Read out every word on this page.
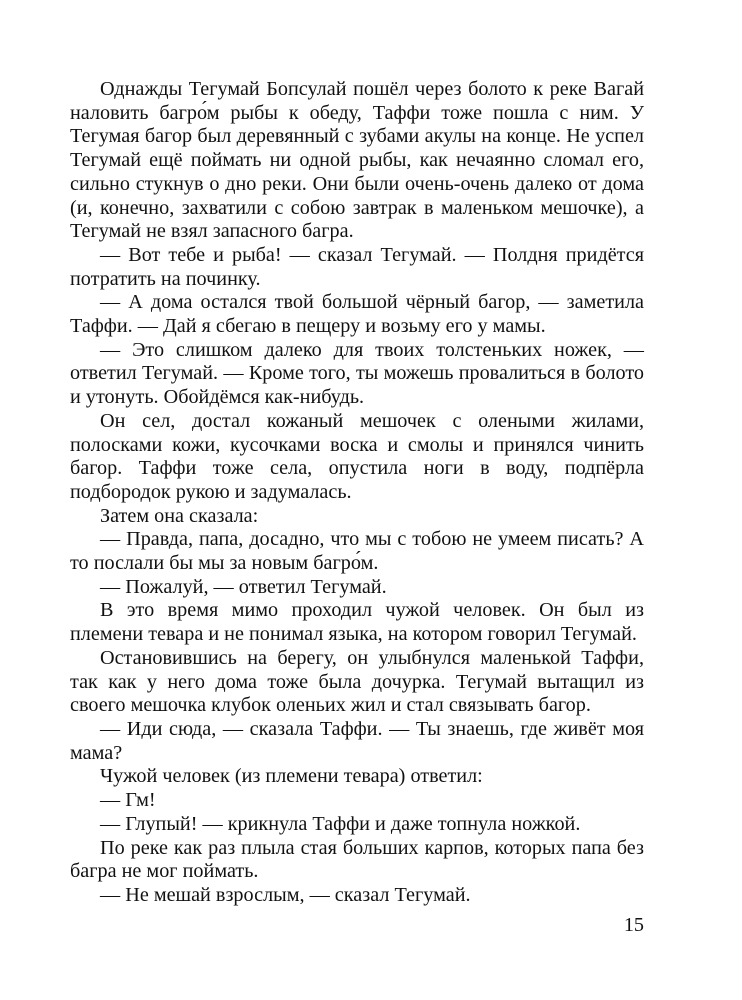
Однажды Тегумай Бопсулай пошёл через болото к реке Вагай наловить багро́м рыбы к обеду, Таффи тоже пошла с ним. У Тегумая багор был деревянный с зубами акулы на конце. Не успел Тегумай ещё поймать ни одной рыбы, как нечаянно сломал его, сильно стукнув о дно реки. Они были очень-очень далеко от дома (и, конечно, захватили с собою завтрак в маленьком мешочке), а Тегумай не взял запасного багра.

— Вот тебе и рыба! — сказал Тегумай. — Полдня придётся потратить на починку.

— А дома остался твой большой чёрный багор, — заметила Таффи. — Дай я сбегаю в пещеру и возьму его у мамы.

— Это слишком далеко для твоих толстеньких ножек, — ответил Тегумай. — Кроме того, ты можешь провалиться в болото и утонуть. Обойдёмся как-нибудь.

Он сел, достал кожаный мешочек с олеными жилами, полосками кожи, кусочками воска и смолы и принялся чинить багор. Таффи тоже села, опустила ноги в воду, подпёрла подбородок рукою и задумалась.

Затем она сказала:

— Правда, папа, досадно, что мы с тобою не умеем писать? А то послали бы мы за новым багро́м.

— Пожалуй, — ответил Тегумай.

В это время мимо проходил чужой человек. Он был из племени тевара и не понимал языка, на котором говорил Тегумай.

Остановившись на берегу, он улыбнулся маленькой Таффи, так как у него дома тоже была дочурка. Тегумай вытащил из своего мешочка клубок оленьих жил и стал связывать багор.

— Иди сюда, — сказала Таффи. — Ты знаешь, где живёт моя мама?

Чужой человек (из племени тевара) ответил:

— Гм!

— Глупый! — крикнула Таффи и даже топнула ножкой.

По реке как раз плыла стая больших карпов, которых папа без багра не мог поймать.

— Не мешай взрослым, — сказал Тегумай.

15
